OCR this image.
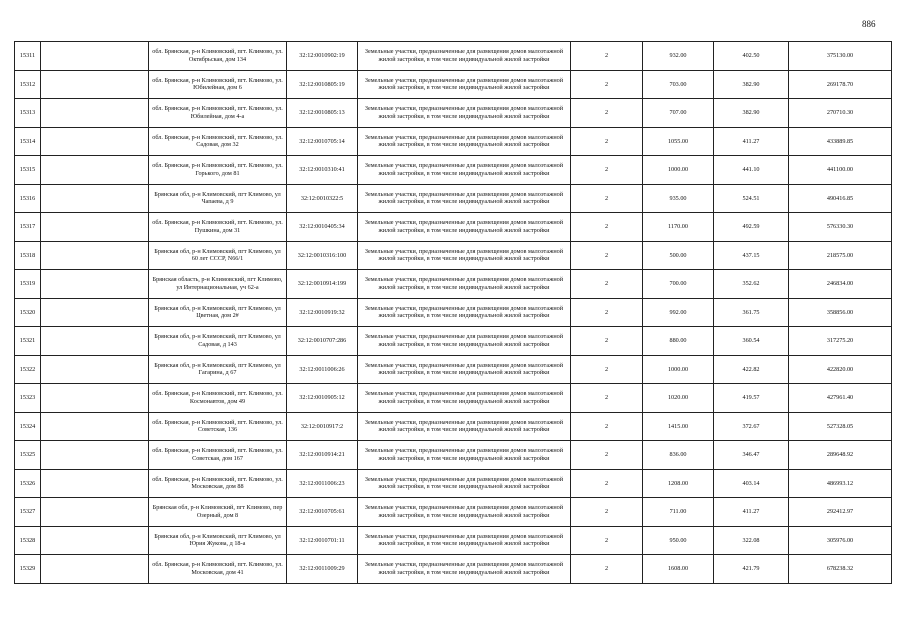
886
15311		обл. Брянская, р-н Климовский, пгт. Климово, ул. Октябрьская, дом 134	32:12:0010902:19	Земельные участки, предназначенные для размещения домов малоэтажной жилой застройки, в том числе индивидуальной жилой застройки	2	932.00	402.50	375130.00
15312		обл. Брянская, р-н Климовский, пгт. Климово, ул. Юбилейная, дом 6	32:12:0010805:19	Земельные участки, предназначенные для размещения домов малоэтажной жилой застройки, в том числе индивидуальной жилой застройки	2	703.00	382.90	269178.70
15313		обл. Брянская, р-н Климовский, пгт. Климово, ул. Юбилейная, дом 4-а	32:12:0010805:13	Земельные участки, предназначенные для размещения домов малоэтажной жилой застройки, в том числе индивидуальной жилой застройки	2	707.00	382.90	270710.30
15314		обл. Брянская, р-н Климовский, пгт. Климово, ул. Садовая, дом 32	32:12:0010705:14	Земельные участки, предназначенные для размещения домов малоэтажной жилой застройки, в том числе индивидуальной жилой застройки	2	1055.00	411.27	433889.85
15315		обл. Брянская, р-н Климовский, пгт. Климово, ул. Горького, дом 81	32:12:0010310:41	Земельные участки, предназначенные для размещения домов малоэтажной жилой застройки, в том числе индивидуальной жилой застройки	2	1000.00	441.10	441100.00
15316		Брянская обл, р-н Климовский, пгт Климово, ул Чапаева, д 9	32:12:0010322:5	Земельные участки, предназначенные для размещения домов малоэтажной жилой застройки, в том числе индивидуальной жилой застройки	2	935.00	524.51	490416.85
15317		обл. Брянская, р-н Климовский, пгт. Климово, ул. Пушкина, дом 31	32:12:0010405:34	Земельные участки, предназначенные для размещения домов малоэтажной жилой застройки, в том числе индивидуальной жилой застройки	2	1170.00	492.59	576330.30
15318		Брянская обл, р-н Климовский, пгт Климово, ул 60 лет СССР, N66/1	32:12:0010316:100	Земельные участки, предназначенные для размещения домов малоэтажной жилой застройки, в том числе индивидуальной жилой застройки	2	500.00	437.15	218575.00
15319		Брянская область, р-н Климовский, пгт Климово, ул Интернациональная, уч 62-а	32:12:0010914:199	Земельные участки, предназначенные для размещения домов малоэтажной жилой застройки, в том числе индивидуальной жилой застройки	2	700.00	352.62	246834.00
15320		Брянская обл, р-н Климовский, пгт Климово, ул Цветная, дом 2#	32:12:0010919:32	Земельные участки, предназначенные для размещения домов малоэтажной жилой застройки, в том числе индивидуальной жилой застройки	2	992.00	361.75	358856.00
15321		Брянская обл, р-н Климовский, пгт Климово, ул Садовая, д 143	32:12:0010707:286	Земельные участки, предназначенные для размещения домов малоэтажной жилой застройки, в том числе индивидуальной жилой застройки	2	880.00	360.54	317275.20
15322		Брянская обл, р-н Климовский, пгт Климово, ул Гагарина, д 67	32:12:0011006:26	Земельные участки, предназначенные для размещения домов малоэтажной жилой застройки, в том числе индивидуальной жилой застройки	2	1000.00	422.82	422820.00
15323		обл. Брянская, р-н Климовский, пгт. Климово, ул. Космонавтов, дом 49	32:12:0010905:12	Земельные участки, предназначенные для размещения домов малоэтажной жилой застройки, в том числе индивидуальной жилой застройки	2	1020.00	419.57	427961.40
15324		обл. Брянская, р-н Климовский, пгт. Климово, ул. Советская, 136	32:12:0010917:2	Земельные участки, предназначенные для размещения домов малоэтажной жилой застройки, в том числе индивидуальной жилой застройки	2	1415.00	372.67	527328.05
15325		обл. Брянская, р-н Климовский, пгт. Климово, ул. Советская, дом 167	32:12:0010914:21	Земельные участки, предназначенные для размещения домов малоэтажной жилой застройки, в том числе индивидуальной жилой застройки	2	836.00	346.47	289648.92
15326		обл. Брянская, р-н Климовский, пгт. Климово, ул. Московская, дом 88	32:12:0011006:23	Земельные участки, предназначенные для размещения домов малоэтажной жилой застройки, в том числе индивидуальной жилой застройки	2	1208.00	403.14	486993.12
15327		Брянская обл, р-н Климовский, пгт Климово, пер Озерный, дом 8	32:12:0010705:61	Земельные участки, предназначенные для размещения домов малоэтажной жилой застройки, в том числе индивидуальной жилой застройки	2	711.00	411.27	292412.97
15328		Брянская обл, р-н Климовский, пгт Климово, ул Юрия Жукова, д 18-а	32:12:0010701:11	Земельные участки, предназначенные для размещения домов малоэтажной жилой застройки, в том числе индивидуальной жилой застройки	2	950.00	322.08	305976.00
15329		обл. Брянская, р-н Климовский, пгт. Климово, ул. Московская, дом 41	32:12:0011009:29	Земельные участки, предназначенные для размещения домов малоэтажной жилой застройки, в том числе индивидуальной жилой застройки	2	1608.00	421.79	678238.32
